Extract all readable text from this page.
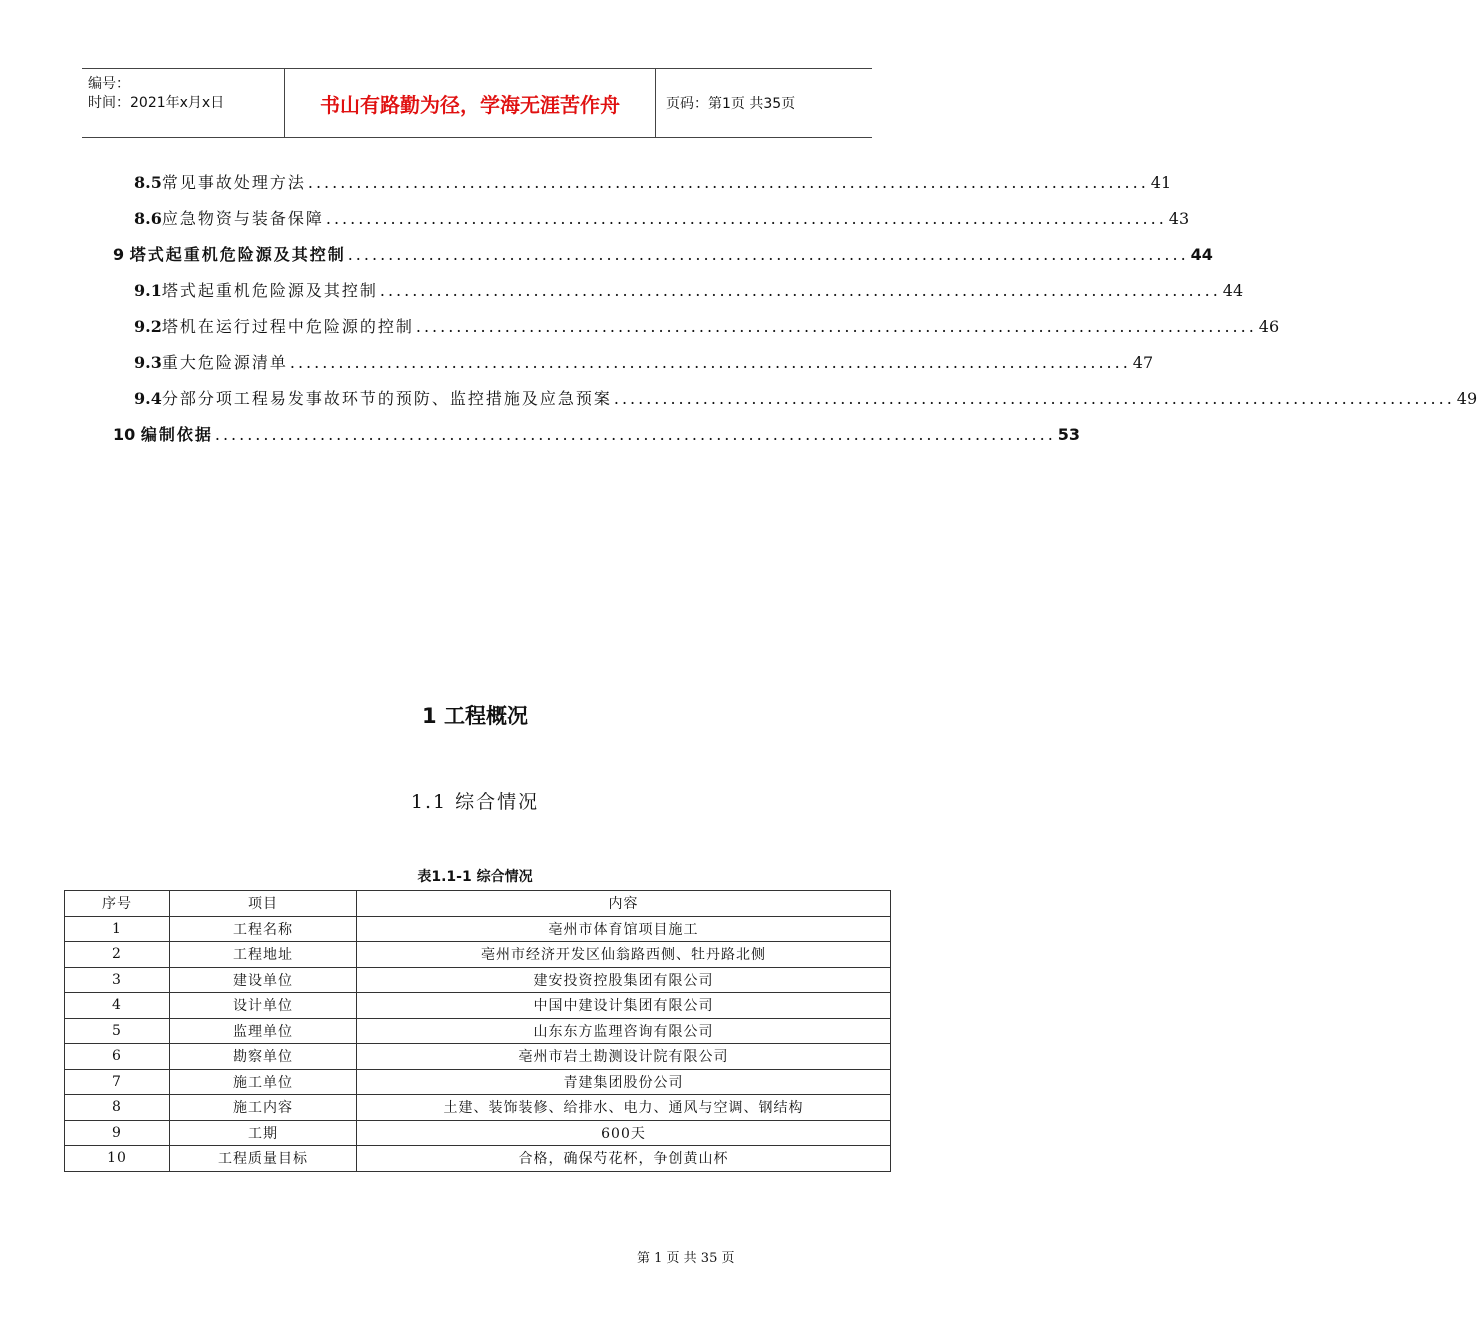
编号：
时间：2021年x月x日	书山有路勤为径，学海无涯苦作舟	页码：第1页 共35页
8.5 常见事故处理方法 ........................................................................................................ 41
8.6 应急物资与装备保障 ........................................................................................................ 43
9 塔式起重机危险源及其控制 ........................................................................................................ 44
9.1 塔式起重机危险源及其控制 ........................................................................................................ 44
9.2 塔机在运行过程中危险源的控制 ........................................................................................................ 46
9.3 重大危险源清单 ........................................................................................................ 47
9.4 分部分项工程易发事故环节的预防、监控措施及应急预案 ........................................................................................................ 49
10 编制依据 ........................................................................................................ 53
1 工程概况
1.1 综合情况
表1.1-1 综合情况
序号	项目	内容
1	工程名称	亳州市体育馆项目施工
2	工程地址	亳州市经济开发区仙翁路西侧、牡丹路北侧
3	建设单位	建安投资控股集团有限公司
4	设计单位	中国中建设计集团有限公司
5	监理单位	山东东方监理咨询有限公司
6	勘察单位	亳州市岩土勘测设计院有限公司
7	施工单位	青建集团股份公司
8	施工内容	土建、装饰装修、给排水、电力、通风与空调、钢结构
9	工期	600天
10	工程质量目标	合格，确保芍花杯，争创黄山杯
第 1 页 共 35 页
